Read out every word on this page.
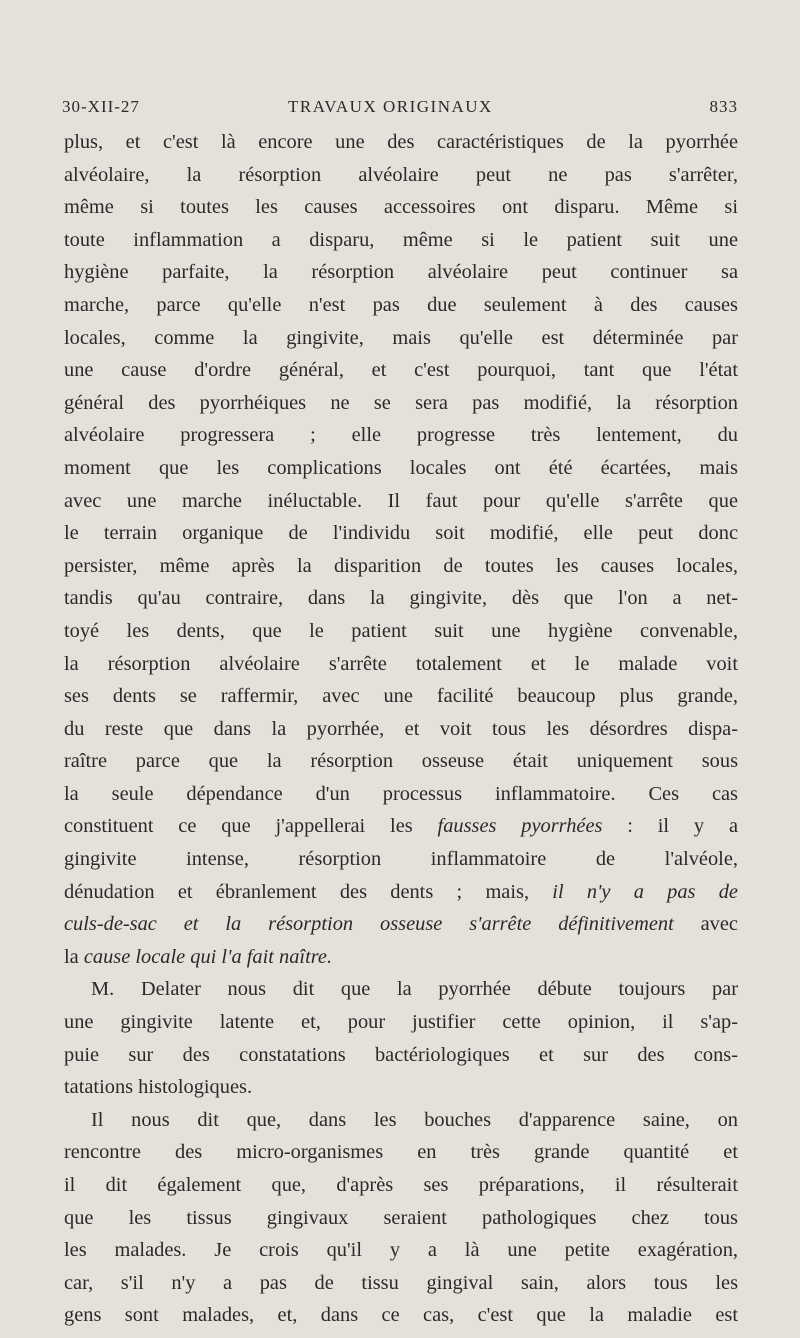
30-XII-27	TRAVAUX ORIGINAUX	833
plus, et c'est là encore une des caractéristiques de la pyorrhée
alvéolaire, la résorption alvéolaire peut ne pas s'arrêter,
même si toutes les causes accessoires ont disparu. Même si
toute inflammation a disparu, même si le patient suit une
hygiène parfaite, la résorption alvéolaire peut continuer sa
marche, parce qu'elle n'est pas due seulement à des causes
locales, comme la gingivite, mais qu'elle est déterminée par
une cause d'ordre général, et c'est pourquoi, tant que l'état
général des pyorrhéiques ne se sera pas modifié, la résorption
alvéolaire progressera ; elle progresse très lentement, du
moment que les complications locales ont été écartées, mais
avec une marche inéluctable. Il faut pour qu'elle s'arrête que
le terrain organique de l'individu soit modifié, elle peut donc
persister, même après la disparition de toutes les causes locales,
tandis qu'au contraire, dans la gingivite, dès que l'on a net-
toyé les dents, que le patient suit une hygiène convenable,
la résorption alvéolaire s'arrête totalement et le malade voit
ses dents se raffermir, avec une facilité beaucoup plus grande,
du reste que dans la pyorrhée, et voit tous les désordres dispa-
raître parce que la résorption osseuse était uniquement sous
la seule dépendance d'un processus inflammatoire. Ces cas
constituent ce que j'appellerai les fausses pyorrhées : il y a
gingivite intense, résorption inflammatoire de l'alvéole,
dénudation et ébranlement des dents ; mais, il n'y a pas de
culs-de-sac et la résorption osseuse s'arrête définitivement avec
la cause locale qui l'a fait naître.
M. Delater nous dit que la pyorrhée débute toujours par
une gingivite latente et, pour justifier cette opinion, il s'ap-
puie sur des constatations bactériologiques et sur des cons-
tatations histologiques.
Il nous dit que, dans les bouches d'apparence saine, on
rencontre des micro-organismes en très grande quantité et
il dit également que, d'après ses préparations, il résulterait
que les tissus gingivaux seraient pathologiques chez tous
les malades. Je crois qu'il y a là une petite exagération,
car, s'il n'y a pas de tissu gingival sain, alors tous les
gens sont malades, et, dans ce cas, c'est que la maladie est
